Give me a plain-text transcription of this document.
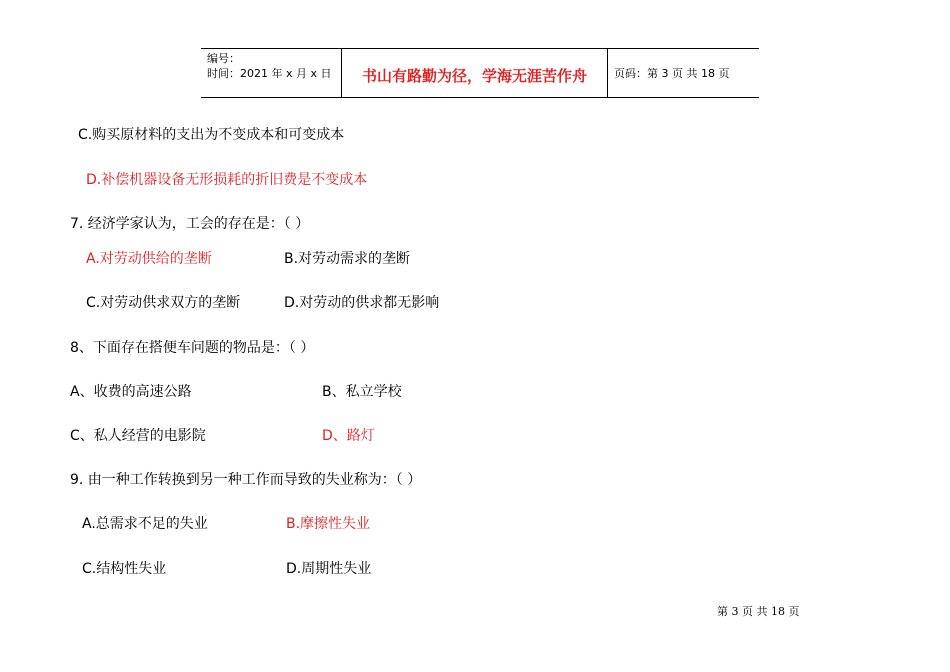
编号：
时间：2021 年 x 月 x 日	书山有路勤为径，学海无涯苦作舟	页码：第 3 页 共 18 页
C.购买原材料的支出为不变成本和可变成本
D.补偿机器设备无形损耗的折旧费是不变成本
7. 经济学家认为，工会的存在是：（ ）
A.对劳动供给的垄断	B.对劳动需求的垄断
C.对劳动供求双方的垄断	D.对劳动的供求都无影响
8、下面存在搭便车问题的物品是：（ ）
A、收费的高速公路	B、私立学校
C、私人经营的电影院	D、路灯
9. 由一种工作转换到另一种工作而导致的失业称为：（ ）
A.总需求不足的失业	B.摩擦性失业
C.结构性失业	D.周期性失业
第 3 页 共 18 页
